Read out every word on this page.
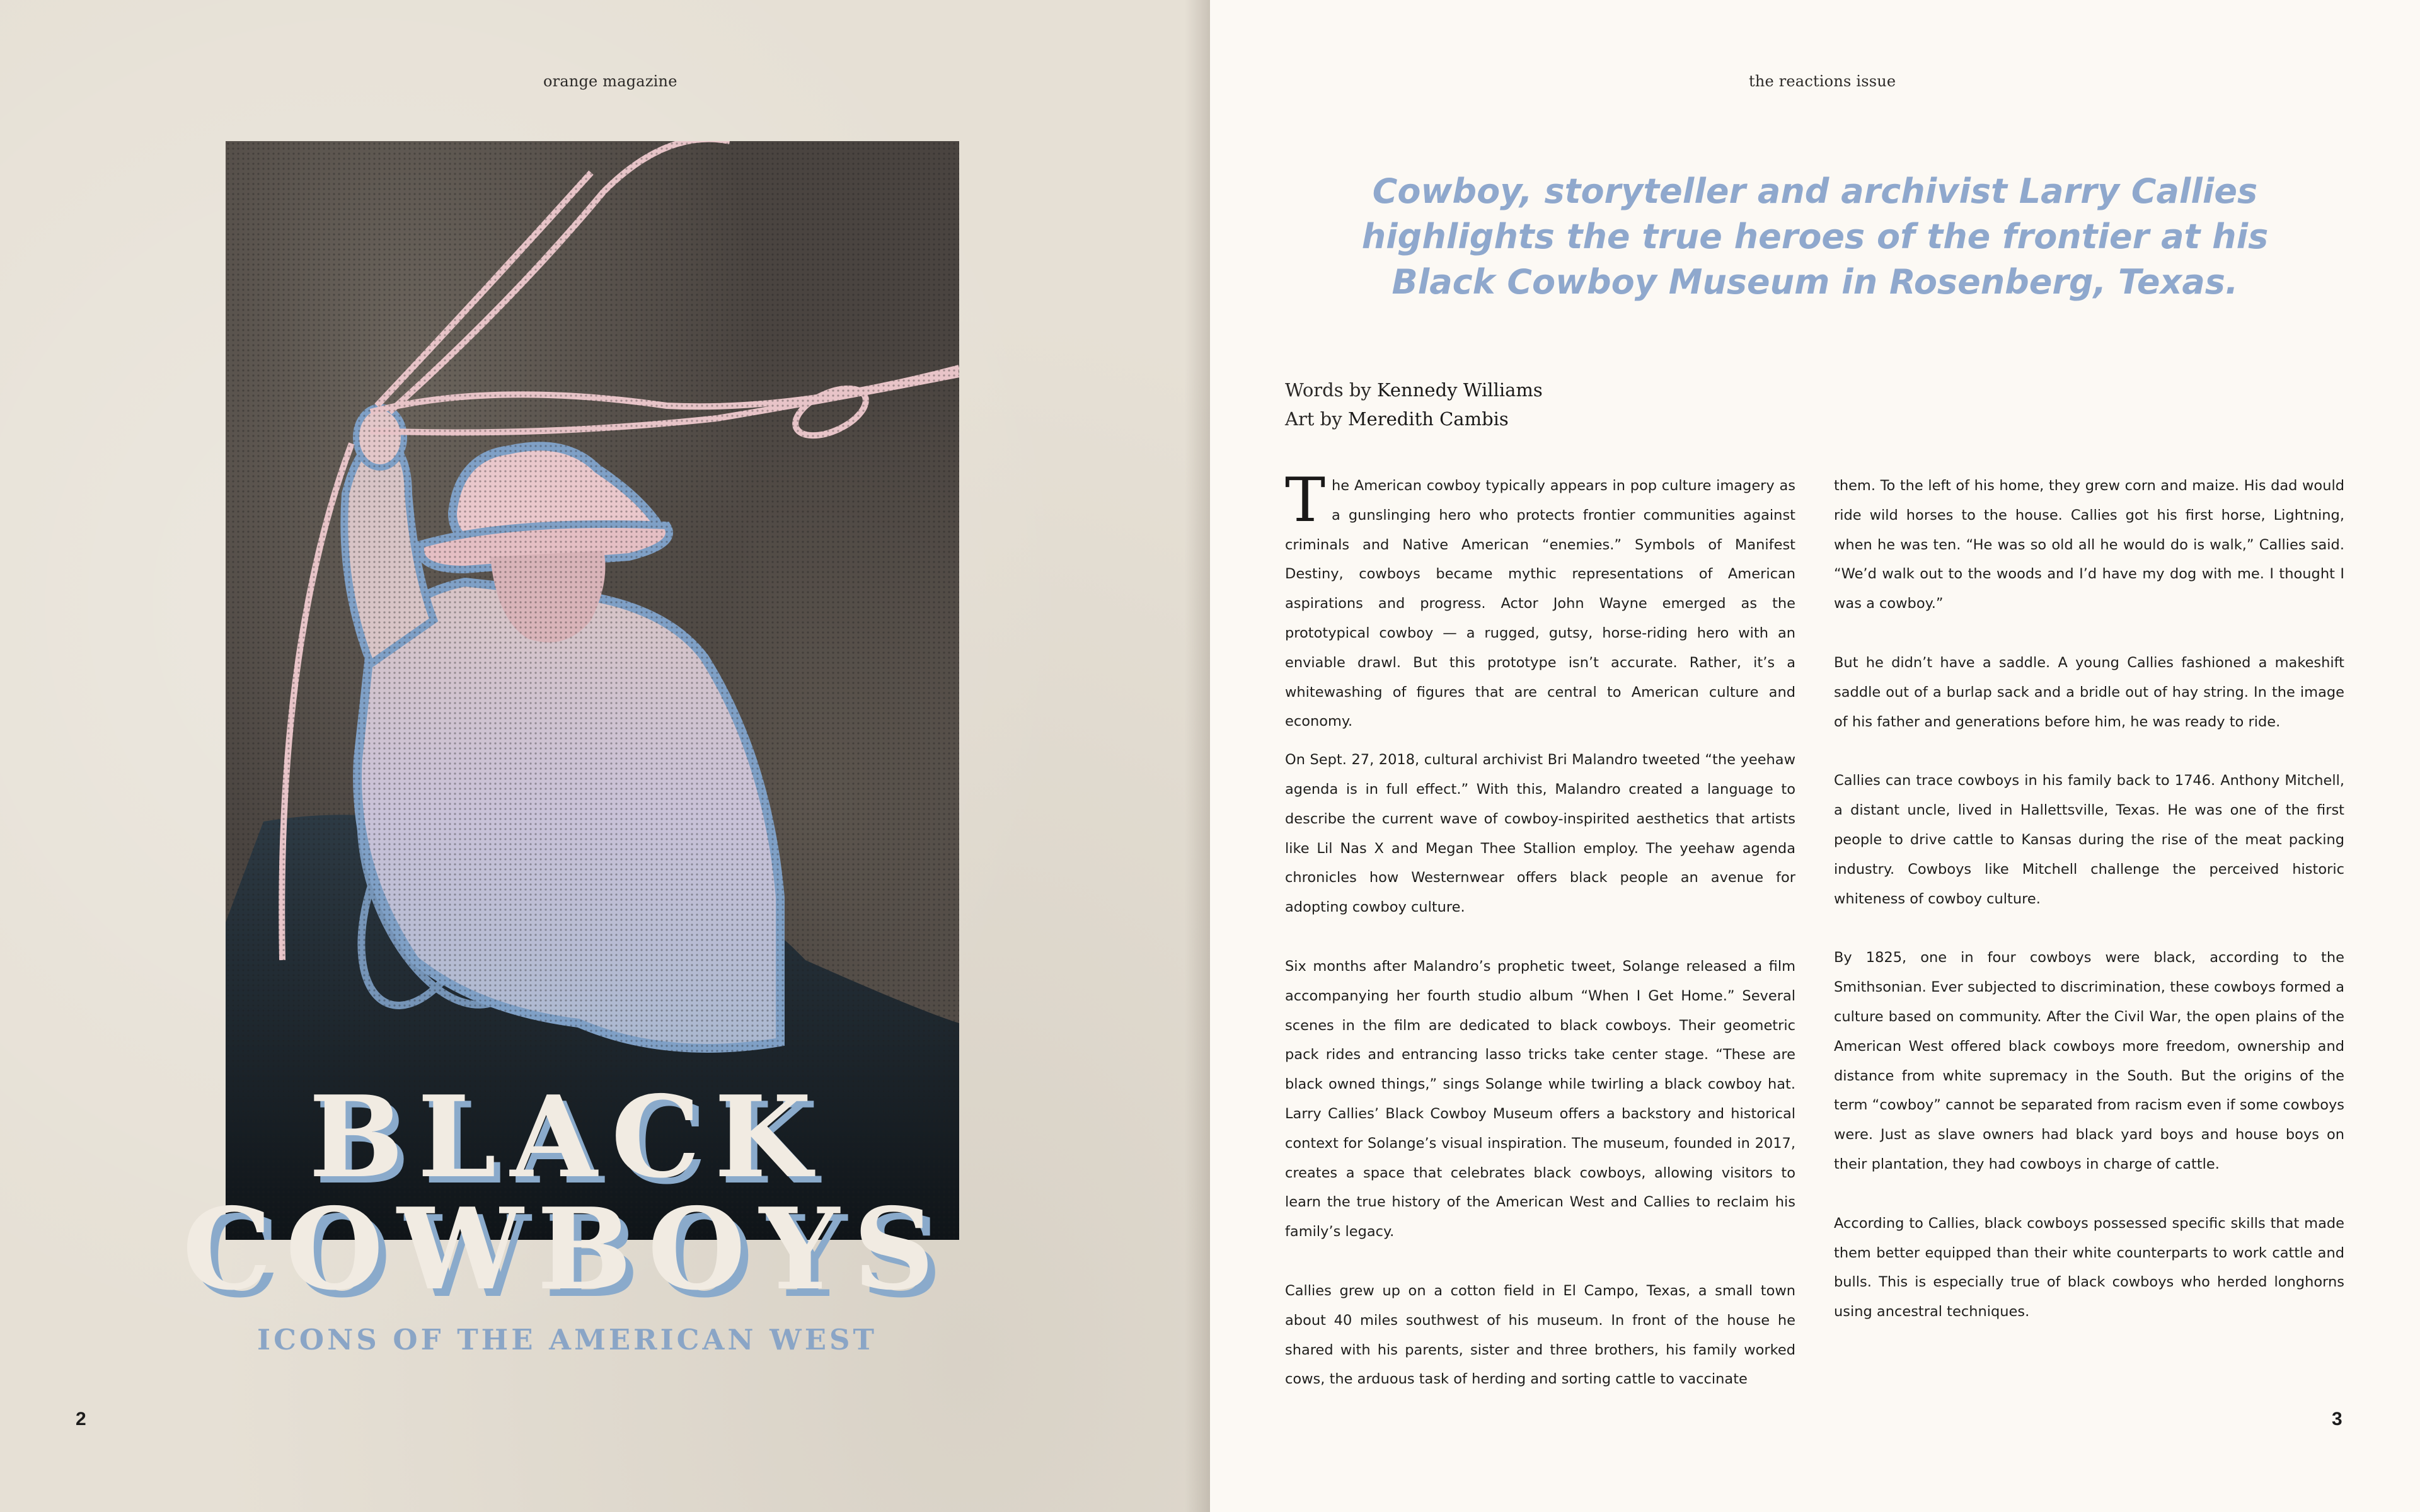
orange magazine
BLACK
COWBOYS
ICONS OF THE AMERICAN WEST
2
the reactions issue
Cowboy, storyteller and archivist Larry Callies highlights the true heroes of the frontier at his Black Cowboy Museum in Rosenberg, Texas.
Words by Kennedy Williams
Art by Meredith Cambis

The American cowboy typically appears in pop culture imagery as a gunslinging hero who protects frontier communities against criminals and Native American “enemies.” Symbols of Manifest Destiny, cowboys became mythic representations of American aspirations and progress. Actor John Wayne emerged as the prototypical cowboy — a rugged, gutsy, horse-riding hero with an enviable drawl. But this prototype isn’t accurate. Rather, it’s a whitewashing of figures that are central to American culture and economy.

On Sept. 27, 2018, cultural archivist Bri Malandro tweeted “the yeehaw agenda is in full effect.” With this, Malandro created a language to describe the current wave of cowboy-inspirited aesthetics that artists like Lil Nas X and Megan Thee Stallion employ. The yeehaw agenda chronicles how Westernwear offers black people an avenue for adopting cowboy culture.

Six months after Malandro’s prophetic tweet, Solange released a film accompanying her fourth studio album “When I Get Home.” Several scenes in the film are dedicated to black cowboys. Their geometric pack rides and entrancing lasso tricks take center stage. “These are black owned things,” sings Solange while twirling a black cowboy hat. Larry Callies’ Black Cowboy Museum offers a backstory and historical context for Solange’s visual inspiration. The museum, founded in 2017, creates a space that celebrates black cowboys, allowing visitors to learn the true history of the American West and Callies to reclaim his family’s legacy.

Callies grew up on a cotton field in El Campo, Texas, a small town about 40 miles southwest of his museum. In front of the house he shared with his parents, sister and three brothers, his family worked cows, the arduous task of herding and sorting cattle to vaccinate

them. To the left of his home, they grew corn and maize. His dad would ride wild horses to the house. Callies got his first horse, Lightning, when he was ten. “He was so old all he would do is walk,” Callies said. “We’d walk out to the woods and I’d have my dog with me. I thought I was a cowboy.”

But he didn’t have a saddle. A young Callies fashioned a makeshift saddle out of a burlap sack and a bridle out of hay string. In the image of his father and generations before him, he was ready to ride.

Callies can trace cowboys in his family back to 1746. Anthony Mitchell, a distant uncle, lived in Hallettsville, Texas. He was one of the first people to drive cattle to Kansas during the rise of the meat packing industry. Cowboys like Mitchell challenge the perceived historic whiteness of cowboy culture.

By 1825, one in four cowboys were black, according to the Smithsonian. Ever subjected to discrimination, these cowboys formed a culture based on community. After the Civil War, the open plains of the American West offered black cowboys more freedom, ownership and distance from white supremacy in the South. But the origins of the term “cowboy” cannot be separated from racism even if some cowboys were. Just as slave owners had black yard boys and house boys on their plantation, they had cowboys in charge of cattle.

According to Callies, black cowboys possessed specific skills that made them better equipped than their white counterparts to work cattle and bulls. This is especially true of black cowboys who herded longhorns using ancestral techniques.

3
